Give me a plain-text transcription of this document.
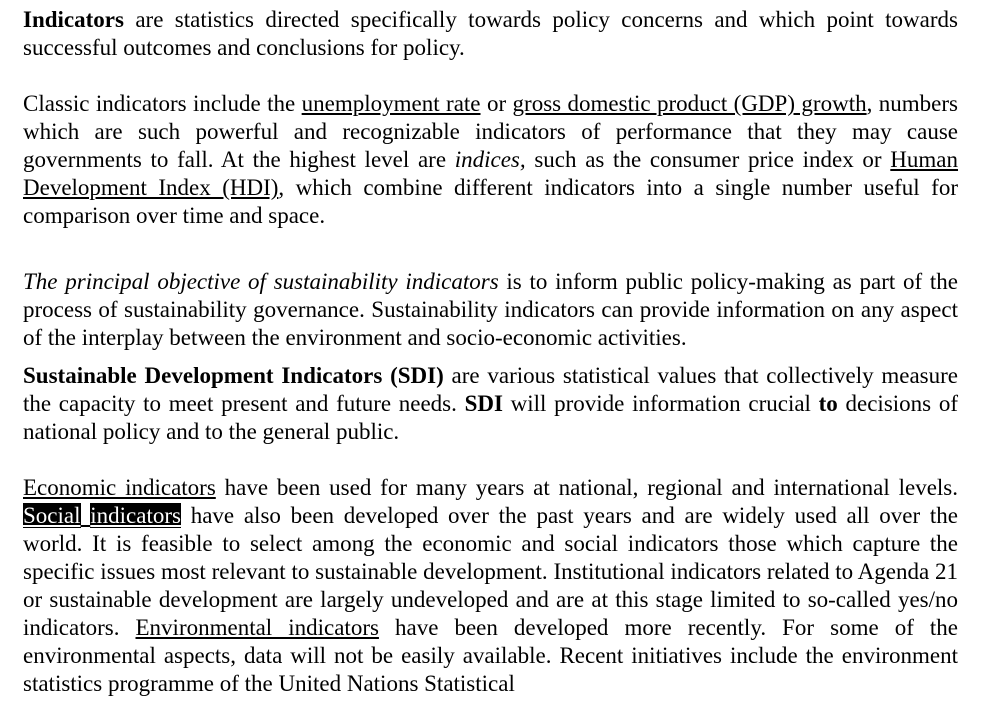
Indicators are statistics directed specifically towards policy concerns and which point towards successful outcomes and conclusions for policy.

Classic indicators include the unemployment rate or gross domestic product (GDP) growth, numbers which are such powerful and recognizable indicators of performance that they may cause governments to fall. At the highest level are indices, such as the consumer price index or Human Development Index (HDI), which combine different indicators into a single number useful for comparison over time and space.

The principal objective of sustainability indicators is to inform public policy-making as part of the process of sustainability governance. Sustainability indicators can provide information on any aspect of the interplay between the environment and socio-economic activities.

Sustainable Development Indicators (SDI) are various statistical values that collectively measure the capacity to meet present and future needs. SDI will provide information crucial to decisions of national policy and to the general public.

Economic indicators have been used for many years at national, regional and international levels. Social indicators have also been developed over the past years and are widely used all over the world. It is feasible to select among the economic and social indicators those which capture the specific issues most relevant to sustainable development. Institutional indicators related to Agenda 21 or sustainable development are largely undeveloped and are at this stage limited to so-called yes/no indicators. Environmental indicators have been developed more recently. For some of the environmental aspects, data will not be easily available. Recent initiatives include the environment statistics programme of the United Nations Statistical
